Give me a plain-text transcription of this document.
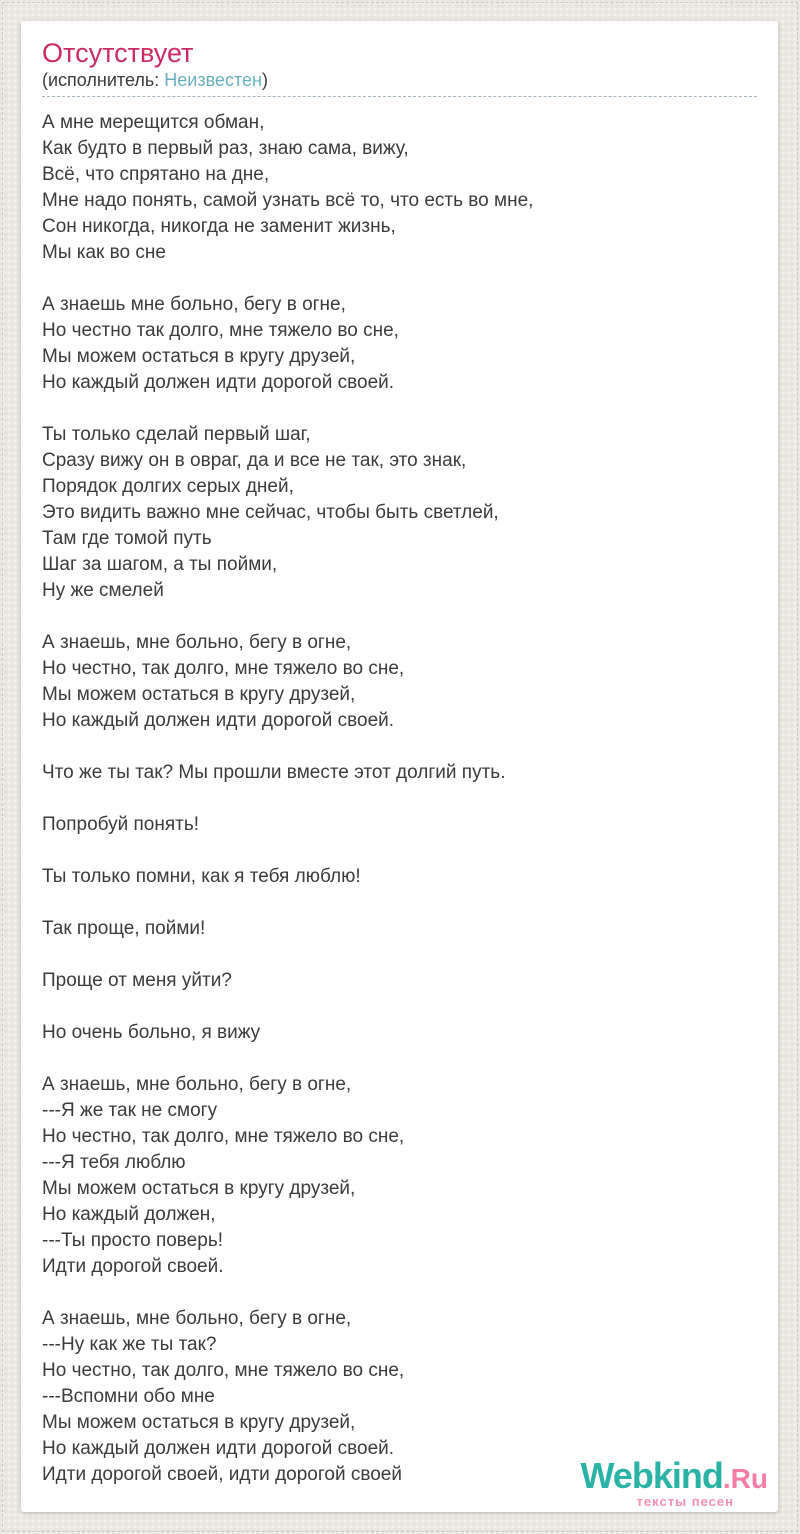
Отсутствует
(исполнитель: Неизвестен)
А мне мерещится обман,
Как будто в первый раз, знаю сама, вижу,
Всё, что спрятано на дне,
Мне надо понять, самой узнать всё то, что есть во мне,
Сон никогда, никогда не заменит жизнь,
Мы как во сне

А знаешь мне больно, бегу в огне,
Но честно так долго, мне тяжело во сне,
Мы можем остаться в кругу друзей,
Но каждый должен идти дорогой своей.

Ты только сделай первый шаг,
Сразу вижу он в овраг, да и все не так, это знак,
Порядок долгих серых дней,
Это видить важно мне сейчас, чтобы быть светлей,
Там где томой путь
Шаг за шагом, а ты пойми,
Ну же смелей

А знаешь, мне больно, бегу в огне,
Но честно, так долго, мне тяжело во сне,
Мы можем остаться в кругу друзей,
Но каждый должен идти дорогой своей.

Что же ты так? Мы прошли вместе этот долгий путь.

Попробуй понять!

Ты только помни, как я тебя люблю!

Так проще, пойми!

Проще от меня уйти?

Но очень больно, я вижу

А знаешь, мне больно, бегу в огне,
---Я же так не смогу
Но честно, так долго, мне тяжело во сне,
---Я тебя люблю
Мы можем остаться в кругу друзей,
Но каждый должен,
---Ты просто поверь!
Идти дорогой своей.

А знаешь, мне больно, бегу в огне,
---Ну как же ты так?
Но честно, так долго, мне тяжело во сне,
---Вспомни обо мне
Мы можем остаться в кругу друзей,
Но каждый должен идти дорогой своей.
Идти дорогой своей, идти дорогой своей	Webkind.Ru
тексты песен
